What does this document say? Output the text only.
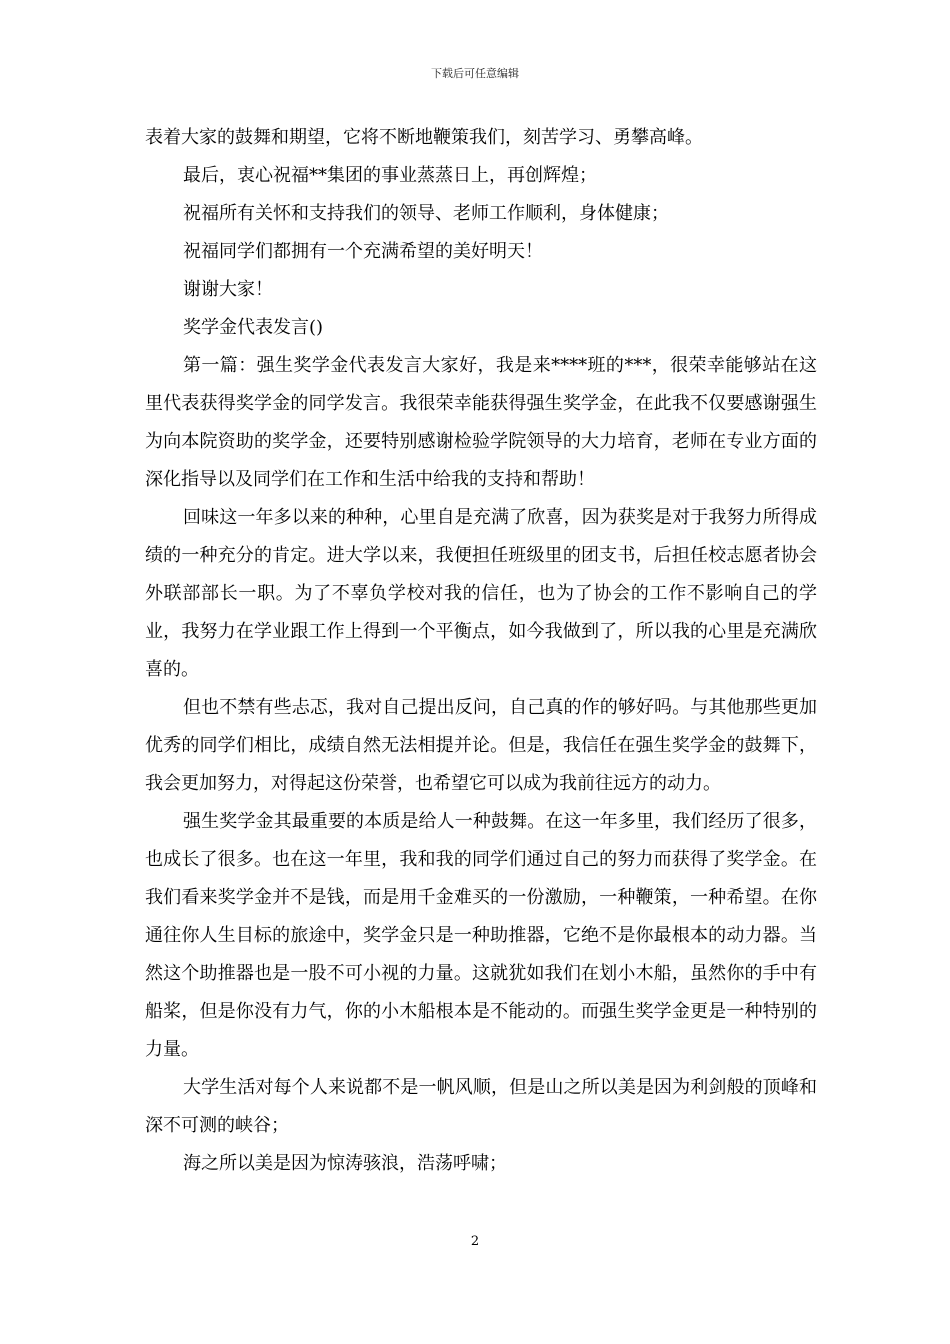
下载后可任意编辑

表着大家的鼓舞和期望，它将不断地鞭策我们，刻苦学习、勇攀高峰。

最后，衷心祝福**集团的事业蒸蒸日上，再创辉煌；

祝福所有关怀和支持我们的领导、老师工作顺利，身体健康；

祝福同学们都拥有一个充满希望的美好明天！

谢谢大家！

奖学金代表发言()

第一篇：强生奖学金代表发言大家好，我是来****班的***，很荣幸能够站在这里代表获得奖学金的同学发言。我很荣幸能获得强生奖学金，在此我不仅要感谢强生为向本院资助的奖学金，还要特别感谢检验学院领导的大力培育，老师在专业方面的深化指导以及同学们在工作和生活中给我的支持和帮助！

回味这一年多以来的种种，心里自是充满了欣喜，因为获奖是对于我努力所得成绩的一种充分的肯定。进大学以来，我便担任班级里的团支书，后担任校志愿者协会外联部部长一职。为了不辜负学校对我的信任，也为了协会的工作不影响自己的学业，我努力在学业跟工作上得到一个平衡点，如今我做到了，所以我的心里是充满欣喜的。

但也不禁有些忐忑，我对自己提出反问，自己真的作的够好吗。与其他那些更加优秀的同学们相比，成绩自然无法相提并论。但是，我信任在强生奖学金的鼓舞下，我会更加努力，对得起这份荣誉，也希望它可以成为我前往远方的动力。

强生奖学金其最重要的本质是给人一种鼓舞。在这一年多里，我们经历了很多，也成长了很多。也在这一年里，我和我的同学们通过自己的努力而获得了奖学金。在我们看来奖学金并不是钱，而是用千金难买的一份激励，一种鞭策，一种希望。在你通往你人生目标的旅途中，奖学金只是一种助推器，它绝不是你最根本的动力器。当然这个助推器也是一股不可小视的力量。这就犹如我们在划小木船，虽然你的手中有船桨，但是你没有力气，你的小木船根本是不能动的。而强生奖学金更是一种特别的力量。

大学生活对每个人来说都不是一帆风顺，但是山之所以美是因为利剑般的顶峰和深不可测的峡谷；

海之所以美是因为惊涛骇浪，浩荡呼啸；

2
